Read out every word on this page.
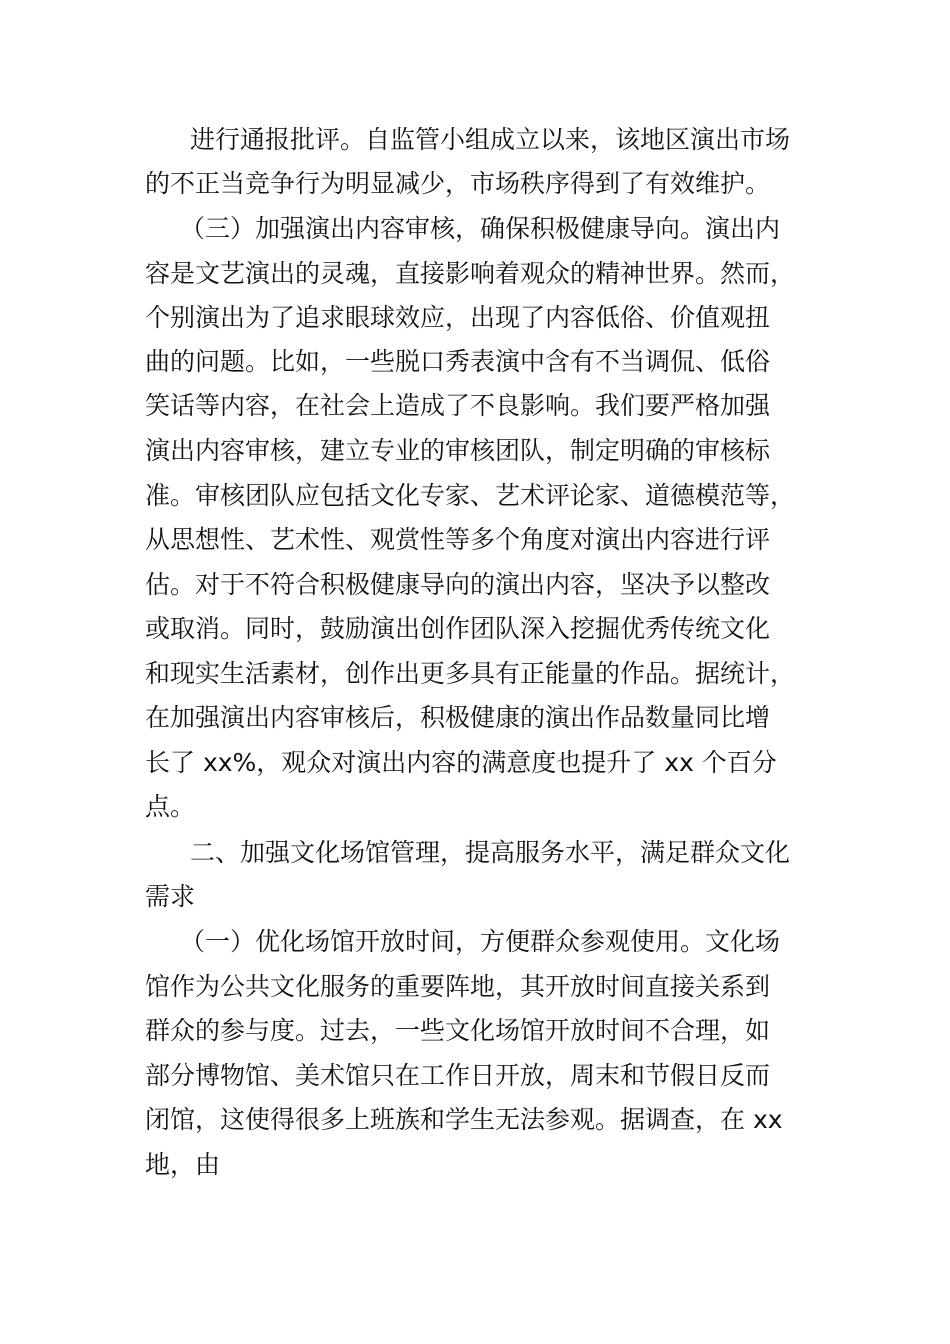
进行通报批评。自监管小组成立以来，该地区演出市场
的不正当竞争行为明显减少，市场秩序得到了有效维护。
（三）加强演出内容审核，确保积极健康导向。演出内
容是文艺演出的灵魂，直接影响着观众的精神世界。然而，
个别演出为了追求眼球效应，出现了内容低俗、价值观扭
曲的问题。比如，一些脱口秀表演中含有不当调侃、低俗
笑话等内容，在社会上造成了不良影响。我们要严格加强
演出内容审核，建立专业的审核团队，制定明确的审核标
准。审核团队应包括文化专家、艺术评论家、道德模范等，
从思想性、艺术性、观赏性等多个角度对演出内容进行评
估。对于不符合积极健康导向的演出内容，坚决予以整改
或取消。同时，鼓励演出创作团队深入挖掘优秀传统文化
和现实生活素材，创作出更多具有正能量的作品。据统计，
在加强演出内容审核后，积极健康的演出作品数量同比增
长了 xx%，观众对演出内容的满意度也提升了 xx 个百分
点。
二、加强文化场馆管理，提高服务水平，满足群众文化
需求
（一）优化场馆开放时间，方便群众参观使用。文化场
馆作为公共文化服务的重要阵地，其开放时间直接关系到
群众的参与度。过去，一些文化场馆开放时间不合理，如
部分博物馆、美术馆只在工作日开放，周末和节假日反而
闭馆，这使得很多上班族和学生无法参观。据调查，在 xx
地，由
